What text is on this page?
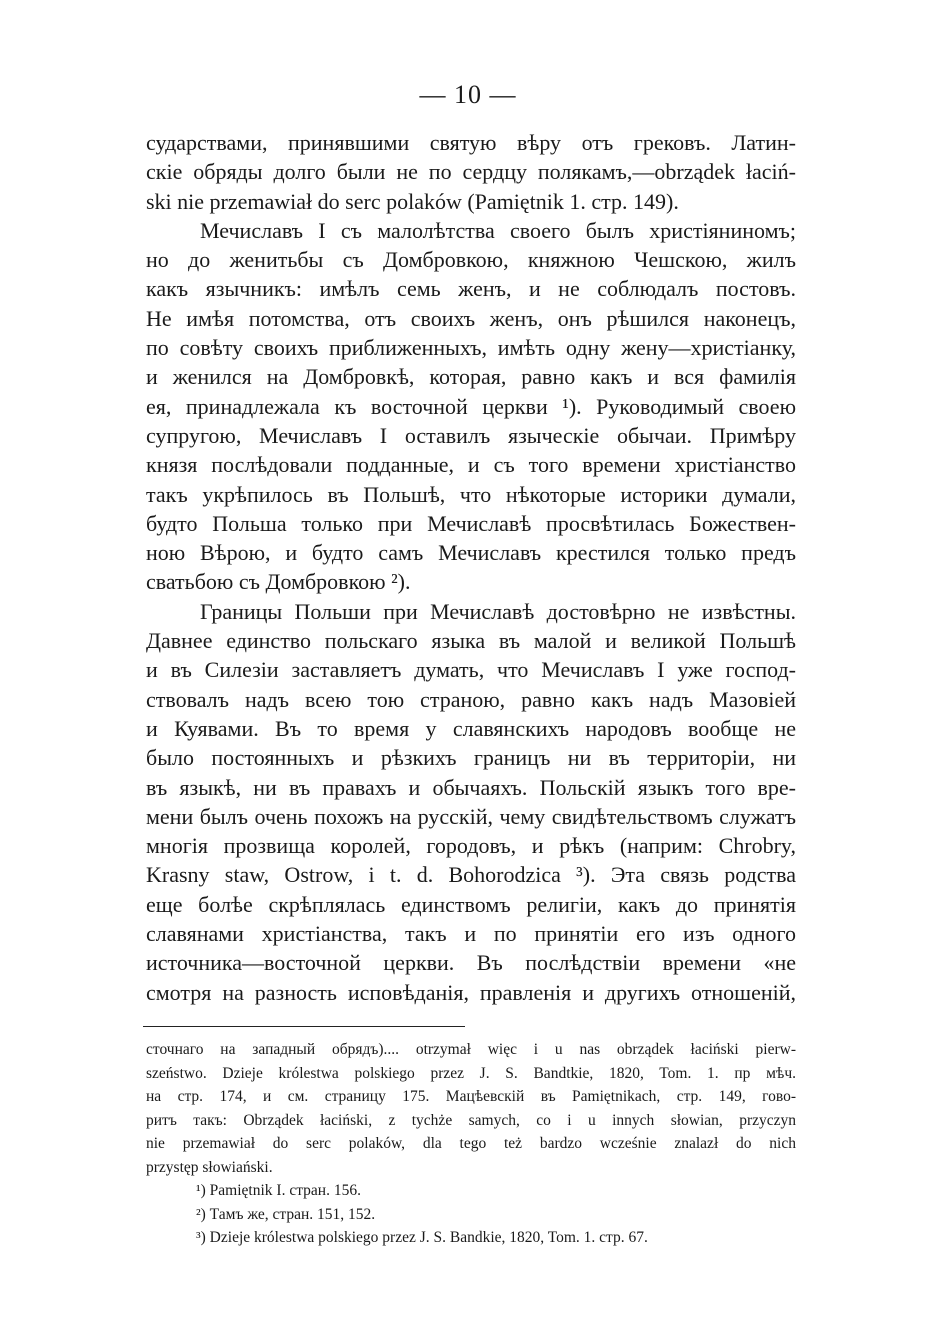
— 10 —
сударствами, принявшими святую вѣру отъ грековъ. Латин-
скіе обряды долго были не по сердцу полякамъ,—obrządek łaciń-
ski nie przemawiał do serc polaków (Pamiętnik 1. стр. 149).
Мечиславъ I съ малолѣтства своего былъ христіяниномъ;
но до женитьбы съ Домбровкою, княжною Чешскою, жилъ
какъ язычникъ: имѣлъ семь женъ, и не соблюдалъ постовъ.
Не имѣя потомства, отъ своихъ женъ, онъ рѣшился наконецъ,
по совѣту своихъ приближенныхъ, имѣть одну жену—христіанку,
и женился на Домбровкѣ, которая, равно какъ и вся фамилія
ея, принадлежала къ восточной церкви ¹). Руководимый своею
супругою, Мечиславъ I оставилъ языческіе обычаи. Примѣру
князя послѣдовали подданные, и съ того времени христіанство
такъ укрѣпилось въ Польшѣ, что нѣкоторые историки думали,
будто Польша только при Мечиславѣ просвѣтилась Божествен-
ною Вѣрою, и будто самъ Мечиславъ крестился только предъ
сватьбою съ Домбровкою ²).
Границы Польши при Мечиславѣ достовѣрно не извѣстны.
Давнее единство польскаго языка въ малой и великой Польшѣ
и въ Силезіи заставляетъ думать, что Мечиславъ I уже господ-
ствовалъ надъ всею тою страною, равно какъ надъ Мазовіей
и Куявами. Въ то время у славянскихъ народовъ вообще не
было постоянныхъ и рѣзкихъ границъ ни въ территоріи, ни
въ языкѣ, ни въ правахъ и обычаяхъ. Польскій языкъ того вре-
мени былъ очень похожъ на русскій, чему свидѣтельствомъ служатъ
многія прозвища королей, городовъ, и рѣкъ (наприм: Chrobry,
Krasny staw, Ostrow, i t. d. Bohorodzica ³). Эта связь родства
еще болѣе скрѣплялась единствомъ религіи, какъ до принятія
славянами христіанства, такъ и по принятіи его изъ одного
источника—восточной церкви. Въ послѣдствіи времени «не
смотря на разность исповѣданія, правленія и другихъ отношеній,
сточнаго на западный обрядъ).... otrzymał więc i u nas obrządek łaciński pierw-
szeństwo. Dzieje królestwa polskiego przez J. S. Bandtkie, 1820, Tom. 1. пр мѣч.
на стр. 174, и см. страницу 175. Мацѣевскій въ Pamiętnikach, стр. 149, гово-
ритъ такъ: Obrządek łaciński, z tychże samych, co i u innych słowian, przyczyn
nie przemawiał do serc polaków, dla tego też bardzo wcześnie znalazł do nich
przystęp słowiański.
¹) Pamiętnik I. стран. 156.
²) Тамъ же, стран. 151, 152.
³) Dzieje królestwa polskiego przez J. S. Bandkie, 1820, Tom. 1. стр. 67.
